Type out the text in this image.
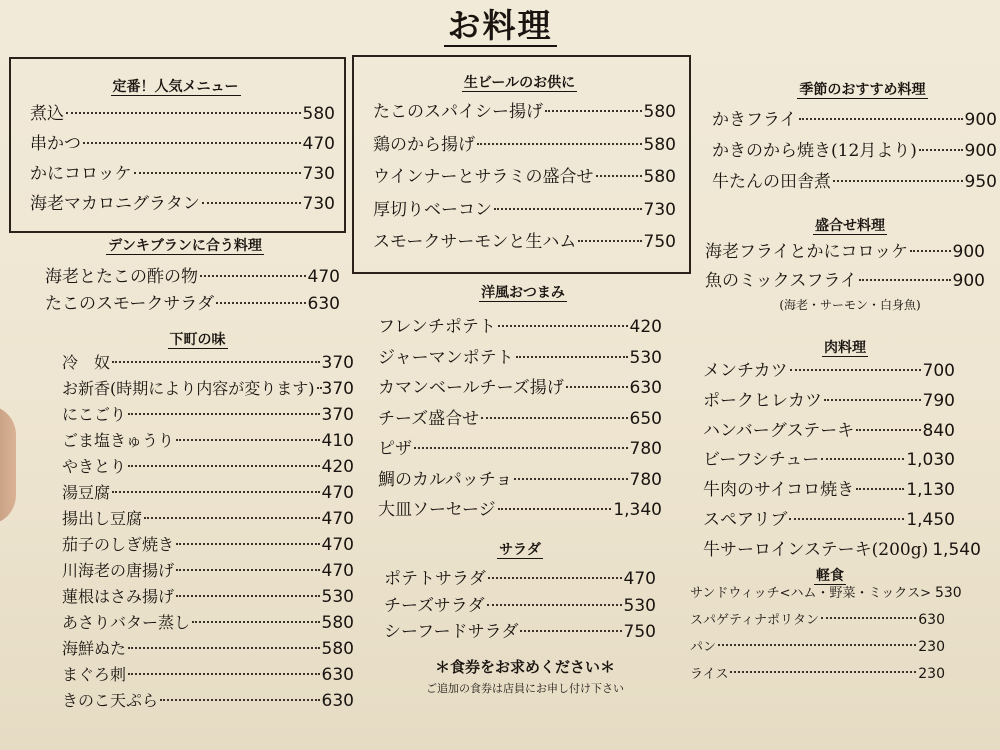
お料理
定番！人気メニュー
煮込	580
串かつ	470
かにコロッケ	730
海老マカロニグラタン	730
デンキブランに合う料理
海老とたこの酢の物	470
たこのスモークサラダ	630
下町の味
冷　奴	370
お新香(時期により内容が変ります) 370
にこごり	370
ごま塩きゅうり	410
やきとり	420
湯豆腐	470
揚出し豆腐	470
茄子のしぎ焼き	470
川海老の唐揚げ	470
蓮根はさみ揚げ	530
あさりバター蒸し	580
海鮮ぬた	580
まぐろ刺	630
きのこ天ぷら	630
生ビールのお供に
たこのスパイシー揚げ	580
鶏のから揚げ	580
ウインナーとサラミの盛合せ	580
厚切りベーコン	730
スモークサーモンと生ハム	750
洋風おつまみ
フレンチポテト	420
ジャーマンポテト	530
カマンベールチーズ揚げ	630
チーズ盛合せ	650
ピザ	780
鯛のカルパッチョ	780
大皿ソーセージ	1,340
サラダ
ポテトサラダ	470
チーズサラダ	530
シーフードサラダ	750
＊食券をお求めください＊
ご追加の食券は店員にお申し付け下さい
季節のおすすめ料理
かきフライ	900
かきのから焼き(12月より)	900
牛たんの田舎煮	950
盛合せ料理
海老フライとかにコロッケ	900
魚のミックスフライ	900
(海老・サーモン・白身魚)
肉料理
メンチカツ	700
ポークヒレカツ	790
ハンバーグステーキ	840
ビーフシチュー	1,030
牛肉のサイコロ焼き	1,130
スペアリブ	1,450
牛サーロインステーキ(200g) 1,540
軽食
サンドウィッチ<ハム・野菜・ミックス> 530
スパゲティナポリタン	630
パン	230
ライス	230
